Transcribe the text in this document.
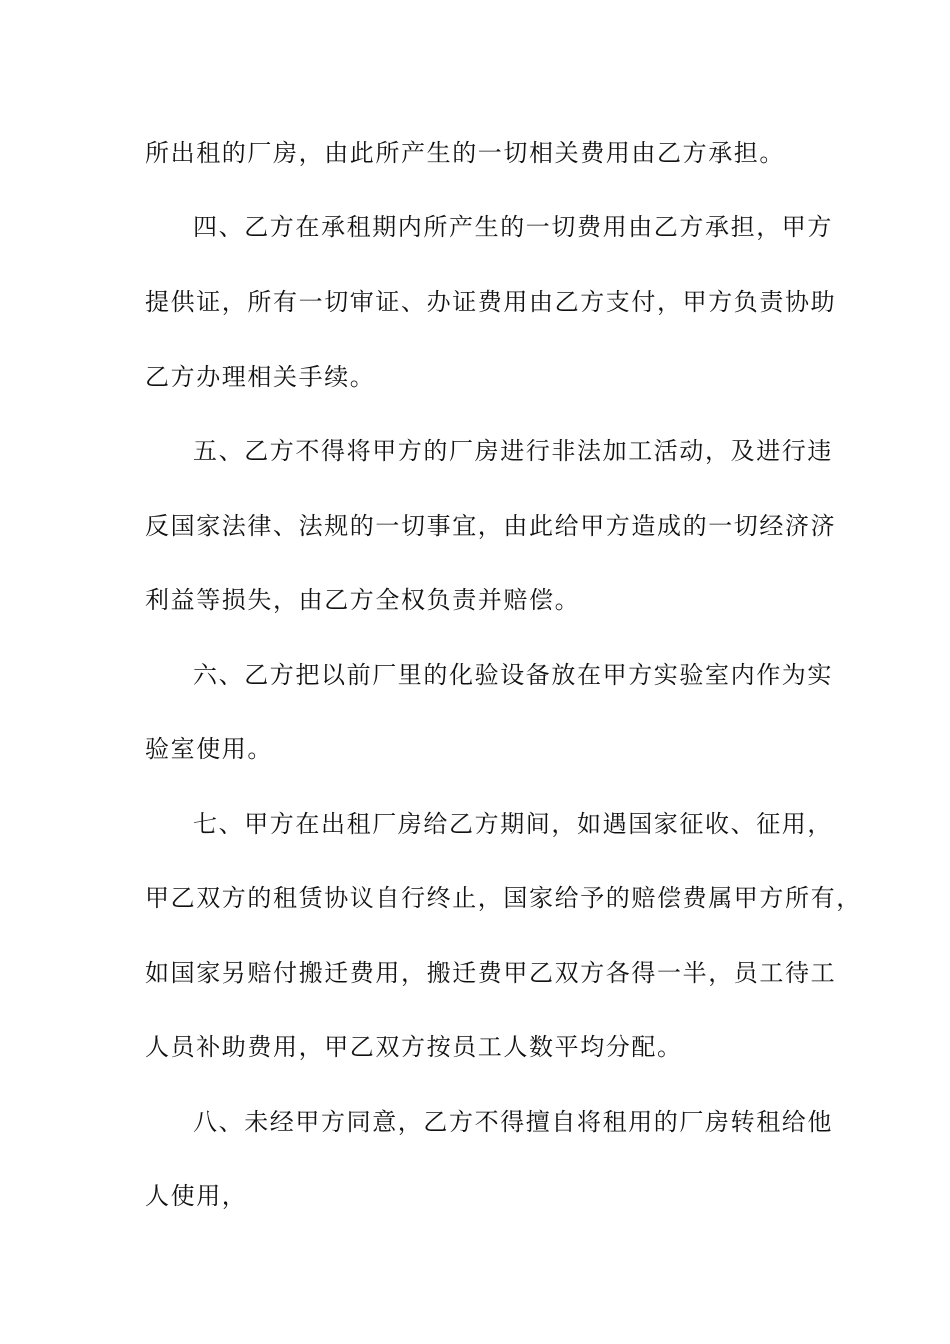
所出租的厂房，由此所产生的一切相关费用由乙方承担。
四、乙方在承租期内所产生的一切费用由乙方承担，甲方
提供证，所有一切审证、办证费用由乙方支付，甲方负责协助
乙方办理相关手续。
五、乙方不得将甲方的厂房进行非法加工活动，及进行违
反国家法律、法规的一切事宜，由此给甲方造成的一切经济济
利益等损失，由乙方全权负责并赔偿。
六、乙方把以前厂里的化验设备放在甲方实验室内作为实
验室使用。
七、甲方在出租厂房给乙方期间，如遇国家征收、征用，
甲乙双方的租赁协议自行终止，国家给予的赔偿费属甲方所有，
如国家另赔付搬迁费用，搬迁费甲乙双方各得一半，员工待工
人员补助费用，甲乙双方按员工人数平均分配。
八、未经甲方同意，乙方不得擅自将租用的厂房转租给他
人使用，
